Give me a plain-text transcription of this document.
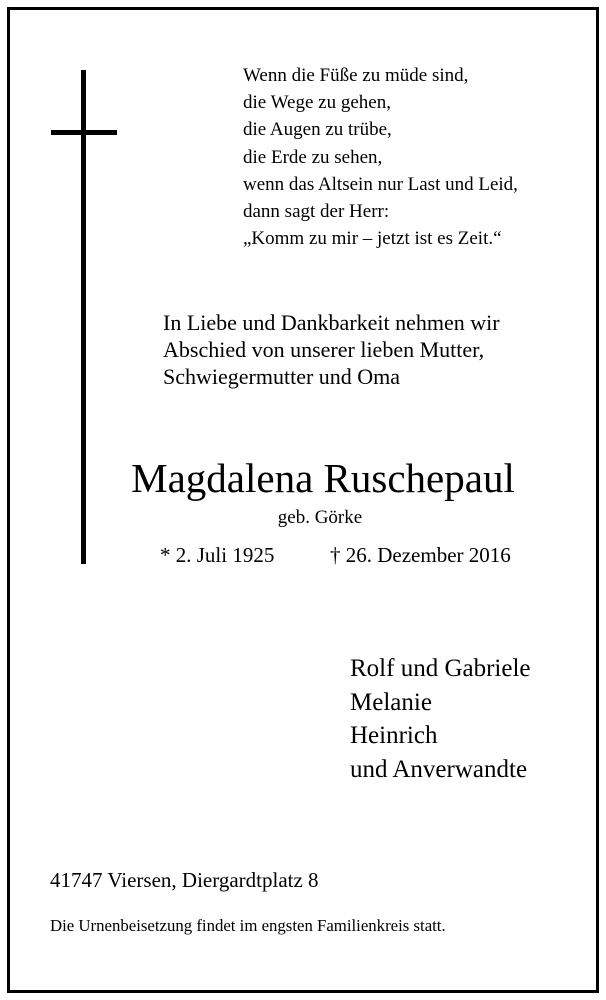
Wenn die Füße zu müde sind,
die Wege zu gehen,
die Augen zu trübe,
die Erde zu sehen,
wenn das Altsein nur Last und Leid,
dann sagt der Herr:
„Komm zu mir – jetzt ist es Zeit.“
In Liebe und Dankbarkeit nehmen wir
Abschied von unserer lieben Mutter,
Schwiegermutter und Oma
Magdalena Ruschepaul
geb. Görke
* 2. Juli 1925	† 26. Dezember 2016
Rolf und Gabriele
Melanie
Heinrich
und Anverwandte
41747 Viersen, Diergardtplatz 8
Die Urnenbeisetzung findet im engsten Familienkreis statt.
